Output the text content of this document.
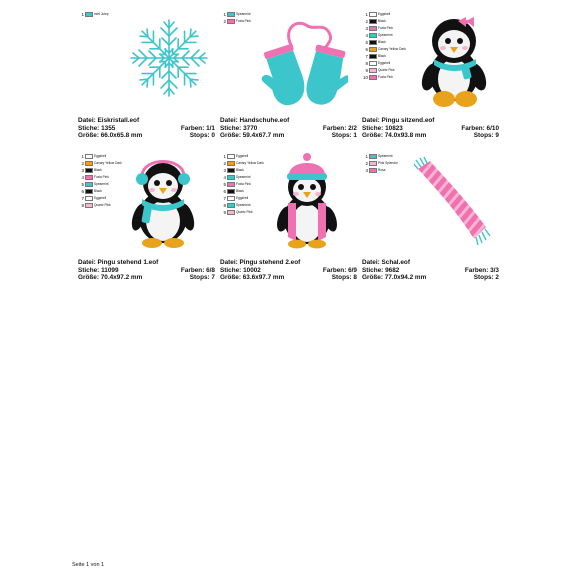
1	mint Julep
Datei: Eiskristall.eof
Stiche: 1355	Farben: 1/1
Größe: 66.0x65.8 mm	Stops: 0
1	Spearmint
2	Fuxia Pink
Datei: Handschuhe.eof
Stiche: 3770	Farben: 2/2
Größe: 59.4x67.7 mm	Stops: 1
1	Eggshell
2	Black
3	Fuxia Pink
4	Spearmint
5	Black
6	Canary Yellow Dark
7	Black
8	Eggshell
9	Quartz Pink
10	Fuxia Pink
Datei: Pingu sitzend.eof
Stiche: 10823	Farben: 6/10
Größe: 74.0x93.8 mm	Stops: 9
1	Eggshell
2	Canary Yellow Dark
3	Black
4	Fuxia Pink
5	Spearmint
6	Black
7	Eggshell
8	Quartz Pink
Datei: Pingu stehend 1.eof
Stiche: 11099	Farben: 6/8
Größe: 70.4x97.2 mm	Stops: 7
1	Eggshell
2	Canary Yellow Dark
3	Black
4	Spearmint
5	Fuxia Pink
6	Black
7	Eggshell
8	Spearmint
9	Quartz Pink
Datei: Pingu stehend 2.eof
Stiche: 10002	Farben: 6/9
Größe: 63.6x97.7 mm	Stops: 8
1	Spearmint
2	Pink Splendor
3	Rosa
Datei: Schal.eof
Stiche: 9682	Farben: 3/3
Größe: 77.0x94.2 mm	Stops: 2
Seite 1 von 1
